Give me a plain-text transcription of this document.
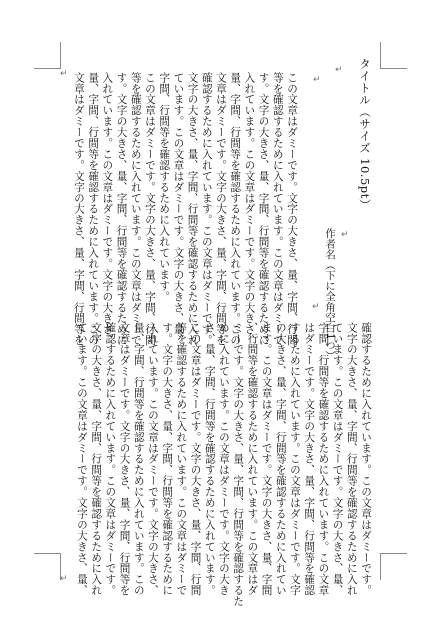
↵
↵
↵
↵
↵
↵
タイトル（サイズ 10.5pt）
作者名（下に全角空白1つ）
この文章はダミーです。文字の大きさ、量、字間、行間
等を確認するために入れています。この文章はダミーで
す。文字の大きさ、量、字間、行間等を確認するために
入れています。この文章はダミーです。文字の大きさ、
量、字間、行間等を確認するために入れています。この
文章はダミーです。文字の大きさ、量、字間、行間等を
確認するために入れています。この文章はダミーです。
文字の大きさ、量、字間、行間等を確認するために入れ
ています。この文章はダミーです。文字の大きさ、量、
字間、行間等を確認するために入れています。
この文章はダミーです。文字の大きさ、量、字間、行間
等を確認するために入れています。この文章はダミーで
す。文字の大きさ、量、字間、行間等を確認するために
入れています。この文章はダミーです。文字の大きさ、
量、字間、行間等を確認するために入れています。この
文章はダミーです。文字の大きさ、量、字間、行間等を
確認するために入れています。この文章はダミーです。
文字の大きさ、量、字間、行間等を確認するために入れ
ています。この文章はダミーです。文字の大きさ、量、
字間、行間等を確認するために入れています。この文章
はダミーです。文字の大きさ、量、字間、行間等を確認
するために入れています。この文章はダミーです。文字
の大きさ、量、字間、行間等を確認するために入れてい
ます。この文章はダミーです。文字の大きさ、量、字間
、行間等を確認するために入れています。この文章はダ
ミーです。文字の大きさ、量、字間、行間等を確認するた
めに入れています。この文章はダミーです。文字の大き
さ、量、字間、行間等を確認するために入れています。
この文章はダミーです。文字の大きさ、量、字間、行間
等を確認するために入れています。この文章はダミーで
す。文字の大きさ、量、字間、行間等を確認するために
入れています。この文章はダミーです。文字の大きさ、
量、字間、行間等を確認するために入れています。この
文章はダミーです。文字の大きさ、量、字間、行間等を
確認するために入れています。この文章はダミーです。
文字の大きさ、量、字間、行間等を確認するために入れ
ています。この文章はダミーです。文字の大きさ、量、
